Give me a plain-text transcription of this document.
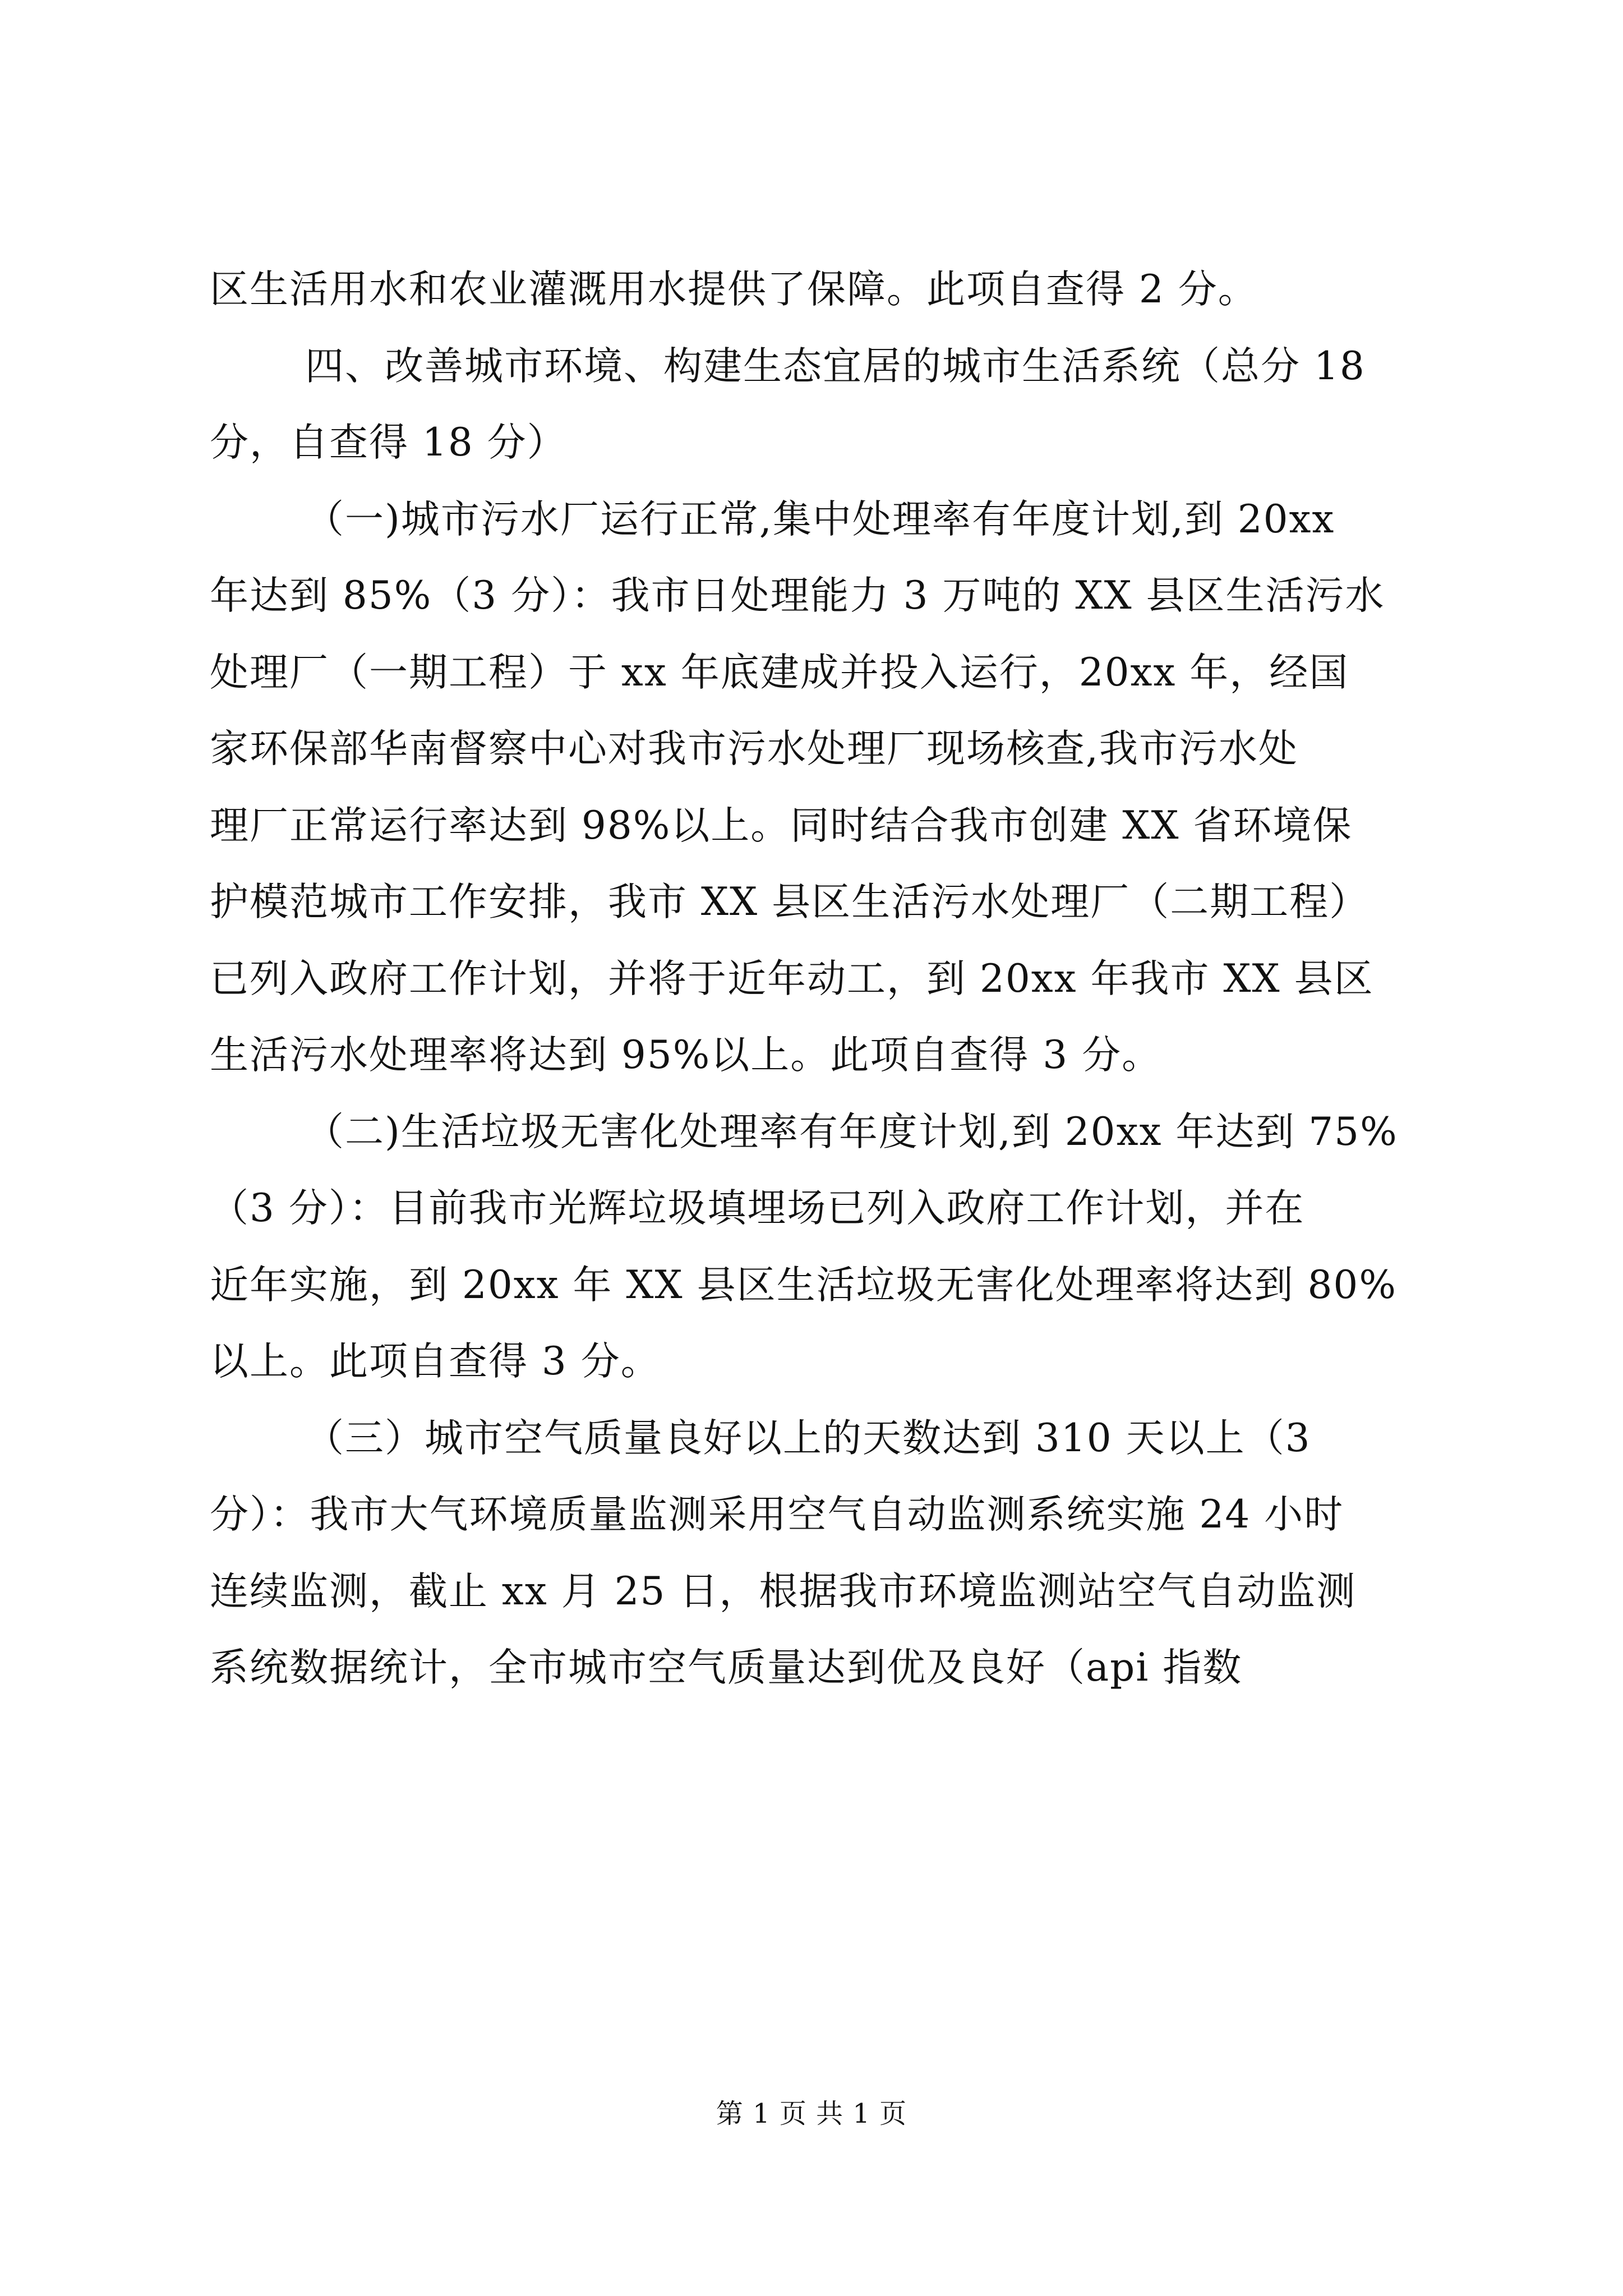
区生活用水和农业灌溉用水提供了保障。此项自查得 2 分。
四、改善城市环境、构建生态宜居的城市生活系统（总分 18
分，自查得 18 分）
（一)城市污水厂运行正常,集中处理率有年度计划,到 20xx
年达到 85%（3 分）：我市日处理能力 3 万吨的 XX 县区生活污水
处理厂（一期工程）于 xx 年底建成并投入运行，20xx 年，经国
家环保部华南督察中心对我市污水处理厂现场核查,我市污水处
理厂正常运行率达到 98%以上。同时结合我市创建 XX 省环境保
护模范城市工作安排，我市 XX 县区生活污水处理厂（二期工程）
已列入政府工作计划，并将于近年动工，到 20xx 年我市 XX 县区
生活污水处理率将达到 95%以上。此项自查得 3 分。
（二)生活垃圾无害化处理率有年度计划,到 20xx 年达到 75%
（3 分）：目前我市光辉垃圾填埋场已列入政府工作计划，并在
近年实施，到 20xx 年 XX 县区生活垃圾无害化处理率将达到 80%
以上。此项自查得 3 分。
（三）城市空气质量良好以上的天数达到 310 天以上（3
分）：我市大气环境质量监测采用空气自动监测系统实施 24 小时
连续监测，截止 xx 月 25 日，根据我市环境监测站空气自动监测
系统数据统计，全市城市空气质量达到优及良好（api 指数
第 1 页 共 1 页
